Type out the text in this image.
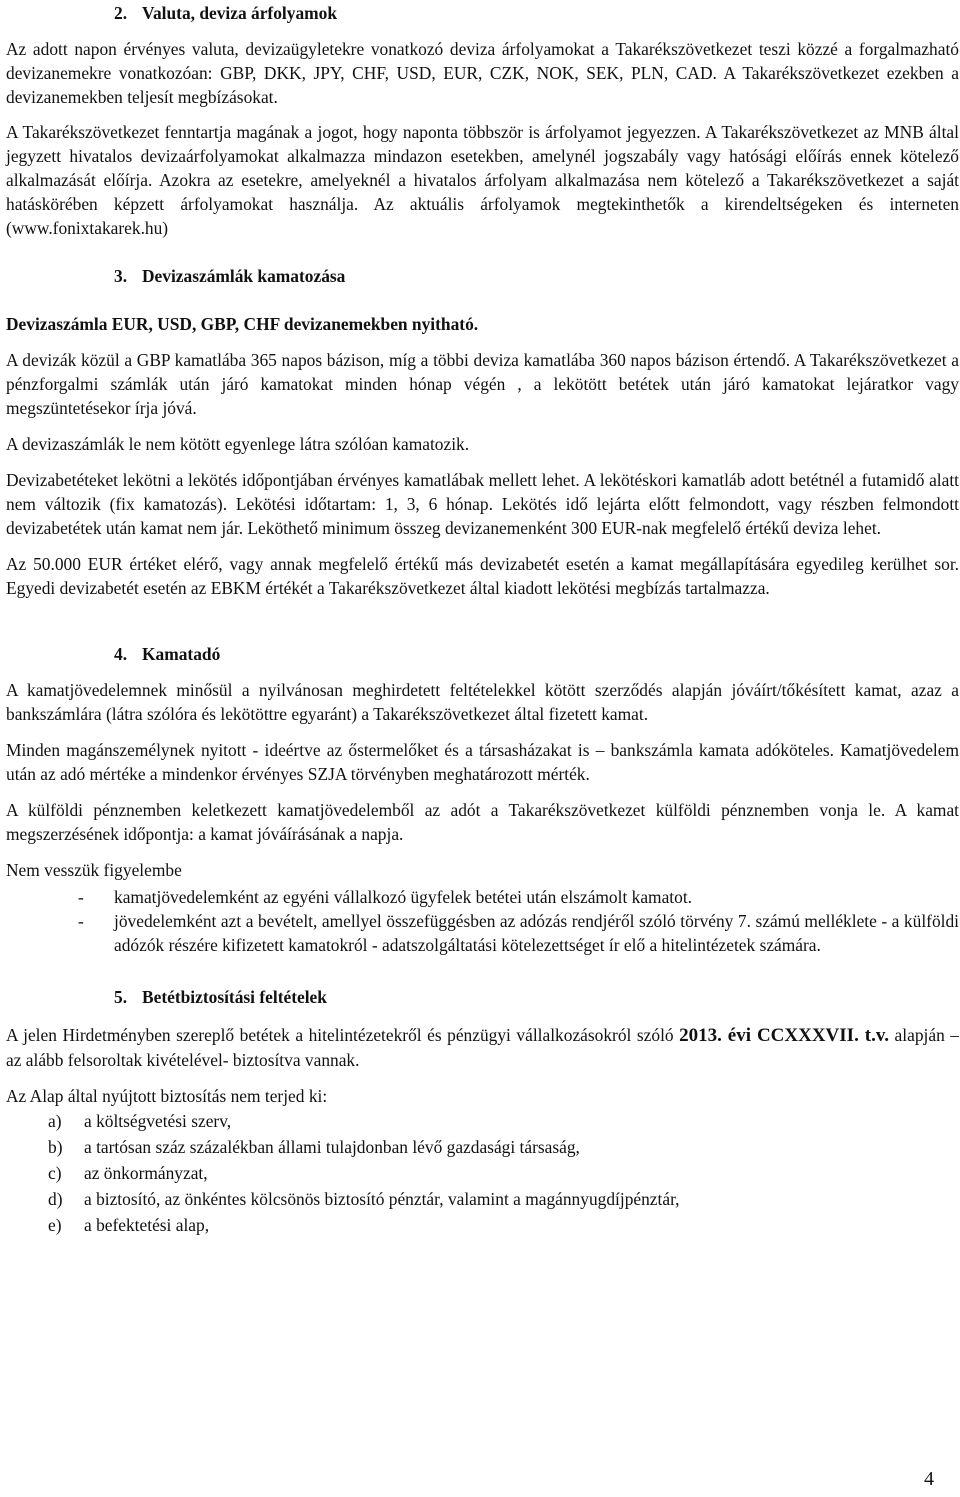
2. Valuta, deviza árfolyamok

Az adott napon érvényes valuta, devizaügyletekre vonatkozó deviza árfolyamokat a Takarékszövetkezet teszi közzé a forgalmazható devizanemekre vonatkozóan: GBP, DKK, JPY, CHF, USD, EUR, CZK, NOK, SEK, PLN, CAD. A Takarékszövetkezet ezekben a devizanemekben teljesít megbízásokat.

A Takarékszövetkezet fenntartja magának a jogot, hogy naponta többször is árfolyamot jegyezzen. A Takarékszövetkezet az MNB által jegyzett hivatalos devizaárfolyamokat alkalmazza mindazon esetekben, amelynél jogszabály vagy hatósági előírás ennek kötelező alkalmazását előírja. Azokra az esetekre, amelyeknél a hivatalos árfolyam alkalmazása nem kötelező a Takarékszövetkezet a saját hatáskörében képzett árfolyamokat használja. Az aktuális árfolyamok megtekinthetők a kirendeltségeken és interneten (www.fonixtakarek.hu)

3. Devizaszámlák kamatozása

Devizaszámla EUR, USD, GBP, CHF devizanemekben nyitható.

A devizák közül a GBP kamatlába 365 napos bázison, míg a többi deviza kamatlába 360 napos bázison értendő. A Takarékszövetkezet a pénzforgalmi számlák után járó kamatokat minden hónap végén , a lekötött betétek után járó kamatokat lejáratkor vagy megszüntetésekor írja jóvá.

A devizaszámlák le nem kötött egyenlege látra szólóan kamatozik.

Devizabetéteket lekötni a lekötés időpontjában érvényes kamatlábak mellett lehet. A lekötéskori kamatláb adott betétnél a futamidő alatt nem változik (fix kamatozás). Lekötési időtartam: 1, 3, 6 hónap. Lekötés idő lejárta előtt felmondott, vagy részben felmondott devizabetétek után kamat nem jár. Leköthető minimum összeg devizanemenként 300 EUR-nak megfelelő értékű deviza lehet.

Az 50.000 EUR értéket elérő, vagy annak megfelelő értékű más devizabetét esetén a kamat megállapítására egyedileg kerülhet sor. Egyedi devizabetét esetén az EBKM értékét a Takarékszövetkezet által kiadott lekötési megbízás tartalmazza.

4. Kamatadó

A kamatjövedelemnek minősül a nyilvánosan meghirdetett feltételekkel kötött szerződés alapján jóváírt/tőkésített kamat, azaz a bankszámlára (látra szólóra és lekötöttre egyaránt) a Takarékszövetkezet által fizetett kamat.

Minden magánszemélynek nyitott - ideértve az őstermelőket és a társasházakat is – bankszámla kamata adóköteles. Kamatjövedelem után az adó mértéke a mindenkor érvényes SZJA törvényben meghatározott mérték.

A külföldi pénznemben keletkezett kamatjövedelemből az adót a Takarékszövetkezet külföldi pénznemben vonja le. A kamat megszerzésének időpontja: a kamat jóváírásának a napja.

Nem vesszük figyelembe

- kamatjövedelemként az egyéni vállalkozó ügyfelek betétei után elszámolt kamatot.
- jövedelemként azt a bevételt, amellyel összefüggésben az adózás rendjéről szóló törvény 7. számú melléklete - a külföldi adózók részére kifizetett kamatokról - adatszolgáltatási kötelezettséget ír elő a hitelintézetek számára.
5. Betétbiztosítási feltételek

A jelen Hirdetményben szereplő betétek a hitelintézetekről és pénzügyi vállalkozásokról szóló 2013. évi CCXXXVII. t.v. alapján – az alább felsoroltak kivételével- biztosítva vannak.

Az Alap által nyújtott biztosítás nem terjed ki:

a) a költségvetési szerv,
b) a tartósan száz százalékban állami tulajdonban lévő gazdasági társaság,
c) az önkormányzat,
d) a biztosító, az önkéntes kölcsönös biztosító pénztár, valamint a magánnyugdíjpénztár,
e) a befektetési alap,
4
